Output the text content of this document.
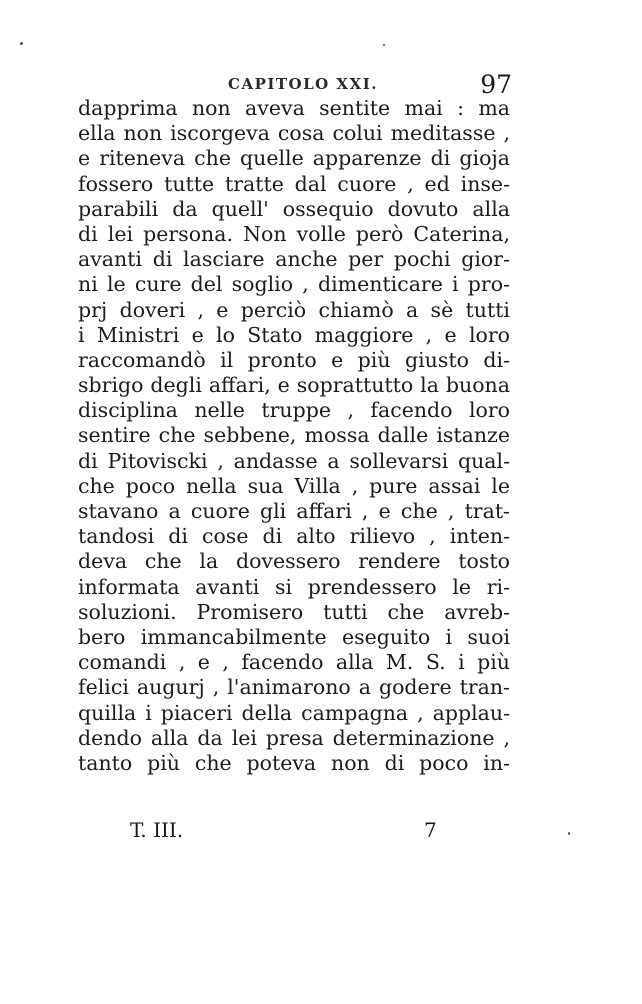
CAPITOLO XXI.	97
dapprima non aveva sentite mai : ma
ella non iscorgeva cosa colui meditasse ,
e riteneva che quelle apparenze di gioja
fossero tutte tratte dal cuore , ed inse-
parabili da quell' ossequio dovuto alla
di lei persona. Non volle però Caterina,
avanti di lasciare anche per pochi gior-
ni le cure del soglio , dimenticare i pro-
prj doveri , e perciò chiamò a sè tutti
i Ministri e lo Stato maggiore , e loro
raccomandò il pronto e più giusto di-
sbrigo degli affari, e soprattutto la buona
disciplina nelle truppe , facendo loro
sentire che sebbene, mossa dalle istanze
di Pitoviscki , andasse a sollevarsi qual-
che poco nella sua Villa , pure assai le
stavano a cuore gli affari , e che , trat-
tandosi di cose di alto rilievo , inten-
deva che la dovessero rendere tosto
informata avanti si prendessero le ri-
soluzioni. Promisero tutti che avreb-
bero immancabilmente eseguito i suoi
comandi , e , facendo alla M. S. i più
felici augurj , l'animarono a godere tran-
quilla i piaceri della campagna , applau-
dendo alla da lei presa determinazione ,
tanto più che poteva non di poco in-
T. III.	7
